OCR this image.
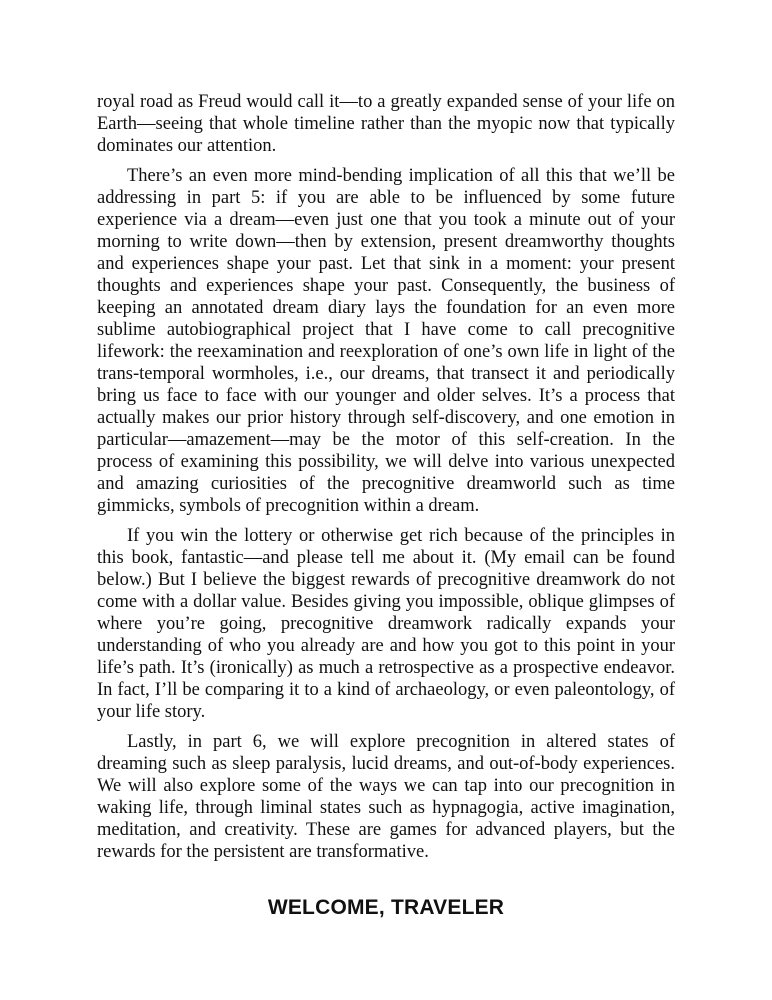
royal road as Freud would call it—to a greatly expanded sense of your life on Earth—seeing that whole timeline rather than the myopic now that typically dominates our attention.

There’s an even more mind-bending implication of all this that we’ll be addressing in part 5: if you are able to be influenced by some future experience via a dream—even just one that you took a minute out of your morning to write down—then by extension, present dreamworthy thoughts and experiences shape your past. Let that sink in a moment: your present thoughts and experiences shape your past. Consequently, the business of keeping an annotated dream diary lays the foundation for an even more sublime autobiographical project that I have come to call precognitive lifework: the reexamination and reexploration of one’s own life in light of the trans-temporal wormholes, i.e., our dreams, that transect it and periodically bring us face to face with our younger and older selves. It’s a process that actually makes our prior history through self-discovery, and one emotion in particular—amazement—may be the motor of this self-creation. In the process of examining this possibility, we will delve into various unexpected and amazing curiosities of the precognitive dreamworld such as time gimmicks, symbols of precognition within a dream.

If you win the lottery or otherwise get rich because of the principles in this book, fantastic—and please tell me about it. (My email can be found below.) But I believe the biggest rewards of precognitive dreamwork do not come with a dollar value. Besides giving you impossible, oblique glimpses of where you’re going, precognitive dreamwork radically expands your understanding of who you already are and how you got to this point in your life’s path. It’s (ironically) as much a retrospective as a prospective endeavor. In fact, I’ll be comparing it to a kind of archaeology, or even paleontology, of your life story.

Lastly, in part 6, we will explore precognition in altered states of dreaming such as sleep paralysis, lucid dreams, and out-of-body experiences. We will also explore some of the ways we can tap into our precognition in waking life, through liminal states such as hypnagogia, active imagination, meditation, and creativity. These are games for advanced players, but the rewards for the persistent are transformative.

WELCOME, TRAVELER
